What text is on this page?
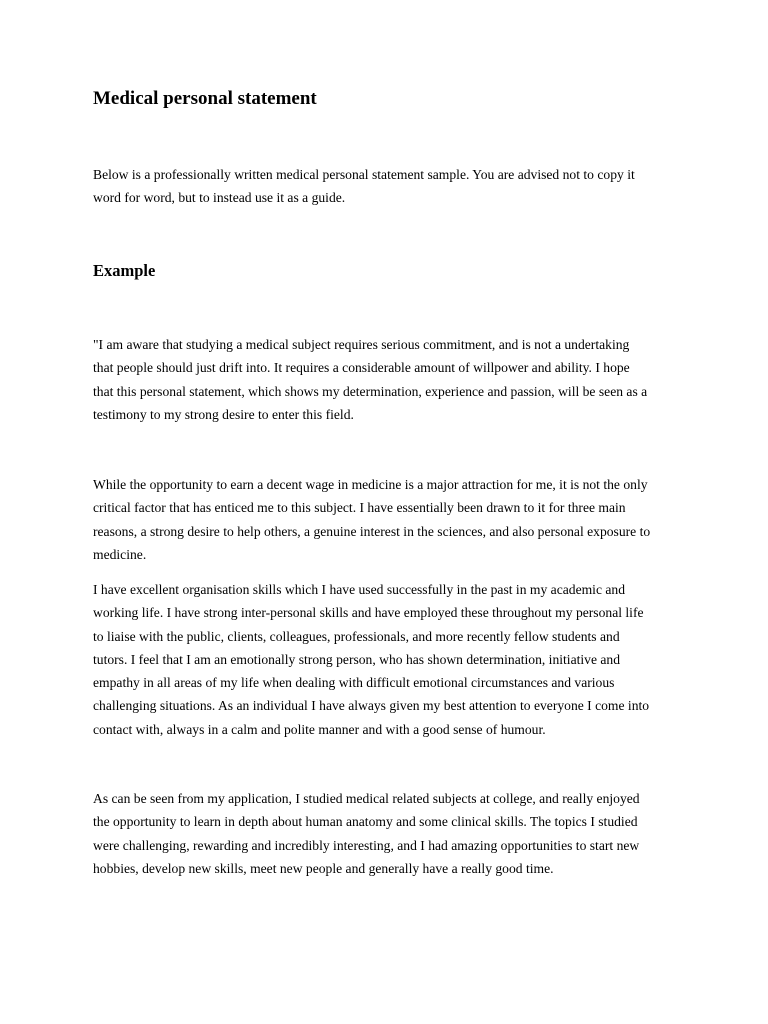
Medical personal statement

Below is a professionally written medical personal statement sample. You are advised not to copy it
word for word, but to instead use it as a guide.

Example

"I am aware that studying a medical subject requires serious commitment, and is not a undertaking
that people should just drift into. It requires a considerable amount of willpower and ability. I hope
that this personal statement, which shows my determination, experience and passion, will be seen as a
testimony to my strong desire to enter this field.

While the opportunity to earn a decent wage in medicine is a major attraction for me, it is not the only
critical factor that has enticed me to this subject. I have essentially been drawn to it for three main
reasons, a strong desire to help others, a genuine interest in the sciences, and also personal exposure to
medicine.

I have excellent organisation skills which I have used successfully in the past in my academic and
working life. I have strong inter-personal skills and have employed these throughout my personal life
to liaise with the public, clients, colleagues, professionals, and more recently fellow students and
tutors. I feel that I am an emotionally strong person, who has shown determination, initiative and
empathy in all areas of my life when dealing with difficult emotional circumstances and various
challenging situations. As an individual I have always given my best attention to everyone I come into
contact with, always in a calm and polite manner and with a good sense of humour.

As can be seen from my application, I studied medical related subjects at college, and really enjoyed
the opportunity to learn in depth about human anatomy and some clinical skills. The topics I studied
were challenging, rewarding and incredibly interesting, and I had amazing opportunities to start new
hobbies, develop new skills, meet new people and generally have a really good time.
